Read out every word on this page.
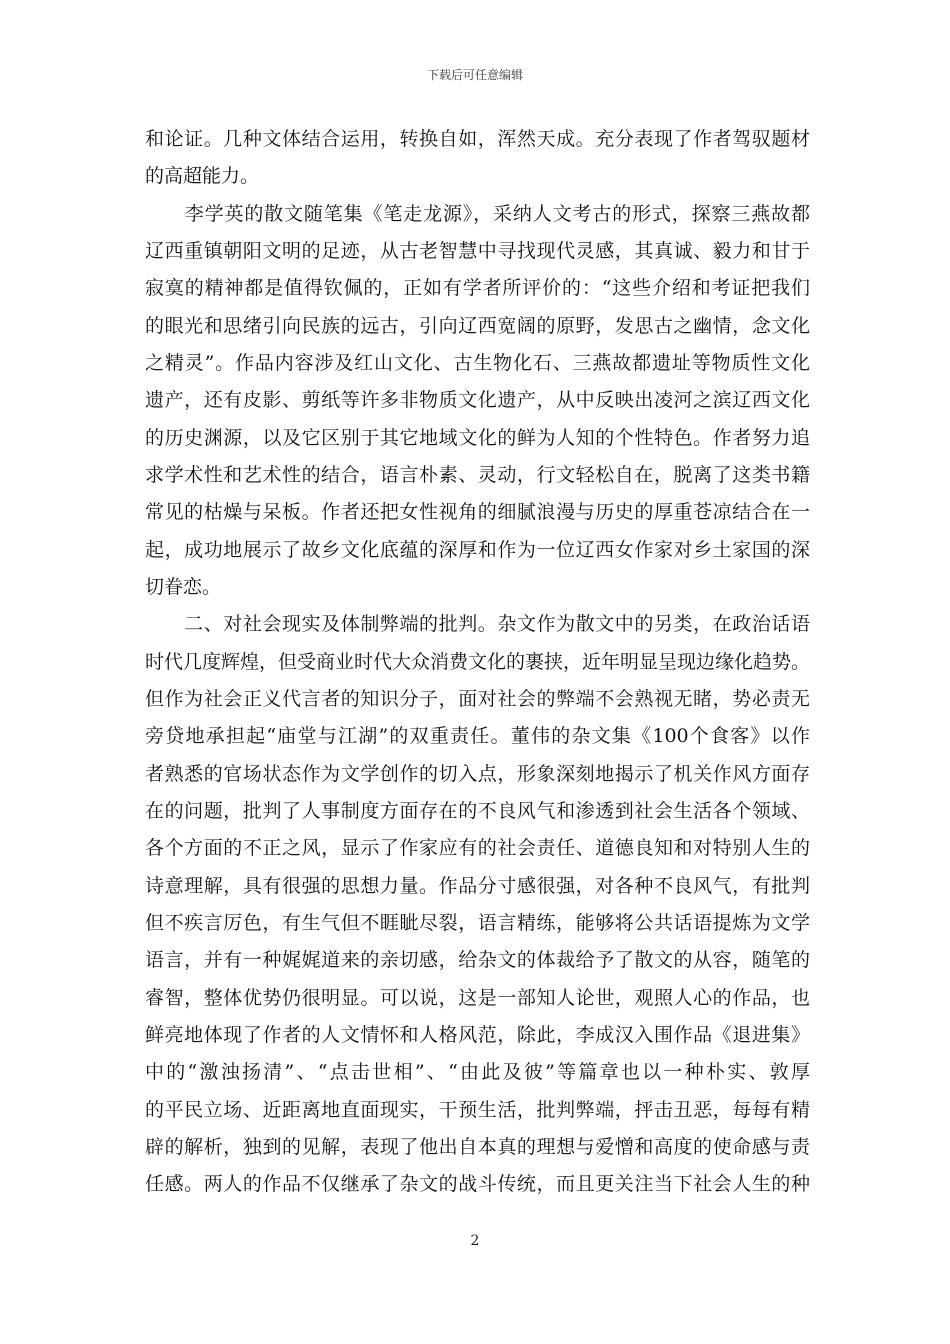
下载后可任意编辑
和论证。几种文体结合运用，转换自如，浑然天成。充分表现了作者驾驭题材
的高超能力。
　　李学英的散文随笔集《笔走龙源》，采纳人文考古的形式，探察三燕故都
辽西重镇朝阳文明的足迹，从古老智慧中寻找现代灵感，其真诚、毅力和甘于
寂寞的精神都是值得钦佩的，正如有学者所评价的：“这些介绍和考证把我们
的眼光和思绪引向民族的远古，引向辽西宽阔的原野，发思古之幽情，念文化
之精灵”。作品内容涉及红山文化、古生物化石、三燕故都遗址等物质性文化
遗产，还有皮影、剪纸等许多非物质文化遗产，从中反映出凌河之滨辽西文化
的历史渊源，以及它区别于其它地域文化的鲜为人知的个性特色。作者努力追
求学术性和艺术性的结合，语言朴素、灵动，行文轻松自在，脱离了这类书籍
常见的枯燥与呆板。作者还把女性视角的细腻浪漫与历史的厚重苍凉结合在一
起，成功地展示了故乡文化底蕴的深厚和作为一位辽西女作家对乡土家国的深
切眷恋。
　　二、对社会现实及体制弊端的批判。杂文作为散文中的另类，在政治话语
时代几度辉煌，但受商业时代大众消费文化的裹挟，近年明显呈现边缘化趋势。
但作为社会正义代言者的知识分子，面对社会的弊端不会熟视无睹，势必责无
旁贷地承担起“庙堂与江湖”的双重责任。董伟的杂文集《100个食客》以作
者熟悉的官场状态作为文学创作的切入点，形象深刻地揭示了机关作风方面存
在的问题，批判了人事制度方面存在的不良风气和渗透到社会生活各个领域、
各个方面的不正之风，显示了作家应有的社会责任、道德良知和对特别人生的
诗意理解，具有很强的思想力量。作品分寸感很强，对各种不良风气，有批判
但不疾言厉色，有生气但不睚眦尽裂，语言精练，能够将公共话语提炼为文学
语言，并有一种娓娓道来的亲切感，给杂文的体裁给予了散文的从容，随笔的
睿智，整体优势仍很明显。可以说，这是一部知人论世，观照人心的作品，也
鲜亮地体现了作者的人文情怀和人格风范，除此，李成汉入围作品《退进集》
中的“激浊扬清”、“点击世相”、“由此及彼”等篇章也以一种朴实、敦厚
的平民立场、近距离地直面现实，干预生活，批判弊端，抨击丑恶，每每有精
辟的解析，独到的见解，表现了他出自本真的理想与爱憎和高度的使命感与责
任感。两人的作品不仅继承了杂文的战斗传统，而且更关注当下社会人生的种
2
